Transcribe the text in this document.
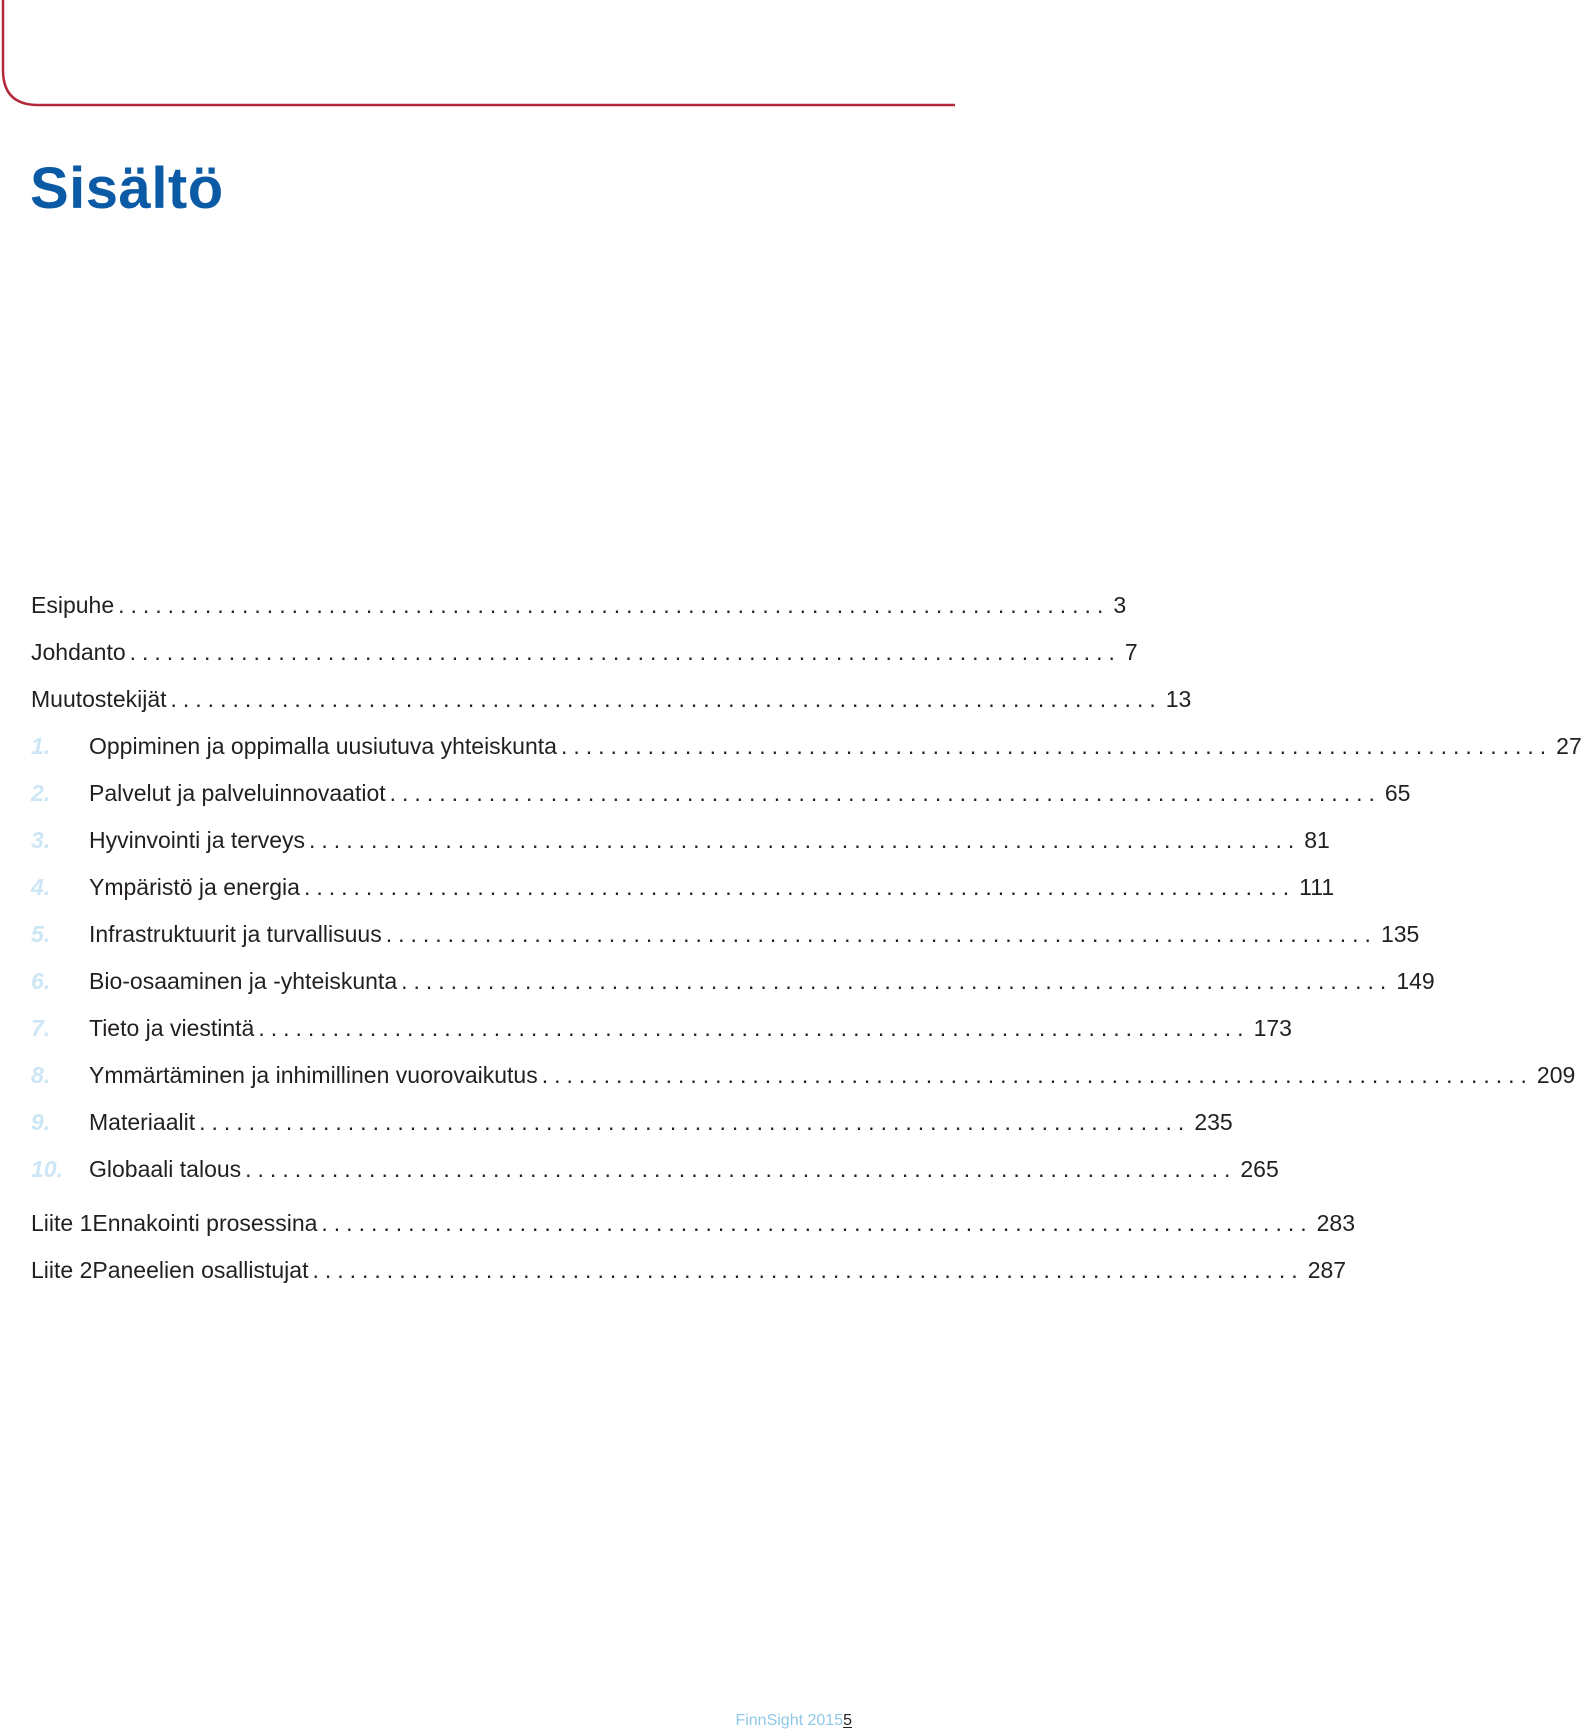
Sisältö
Esipuhe ................................................................................ 3
Johdanto ................................................................................ 7
Muutostekijät ................................................................................ 13
1.	Oppiminen ja oppimalla uusiutuva yhteiskunta ................................................................................ 27
2.	Palvelut ja palveluinnovaatiot ................................................................................ 65
3.	Hyvinvointi ja terveys ................................................................................ 81
4.	Ympäristö ja energia ................................................................................ 111
5.	Infrastruktuurit ja turvallisuus ................................................................................ 135
6.	Bio-osaaminen ja -yhteiskunta ................................................................................ 149
7.	Tieto ja viestintä ................................................................................ 173
8.	Ymmärtäminen ja inhimillinen vuorovaikutus ................................................................................ 209
9.	Materiaalit ................................................................................ 235
10.	Globaali talous ................................................................................ 265
Liite 1 Ennakointi prosessina ................................................................................ 283
Liite 2 Paneelien osallistujat ................................................................................ 287
FinnSight 20155
